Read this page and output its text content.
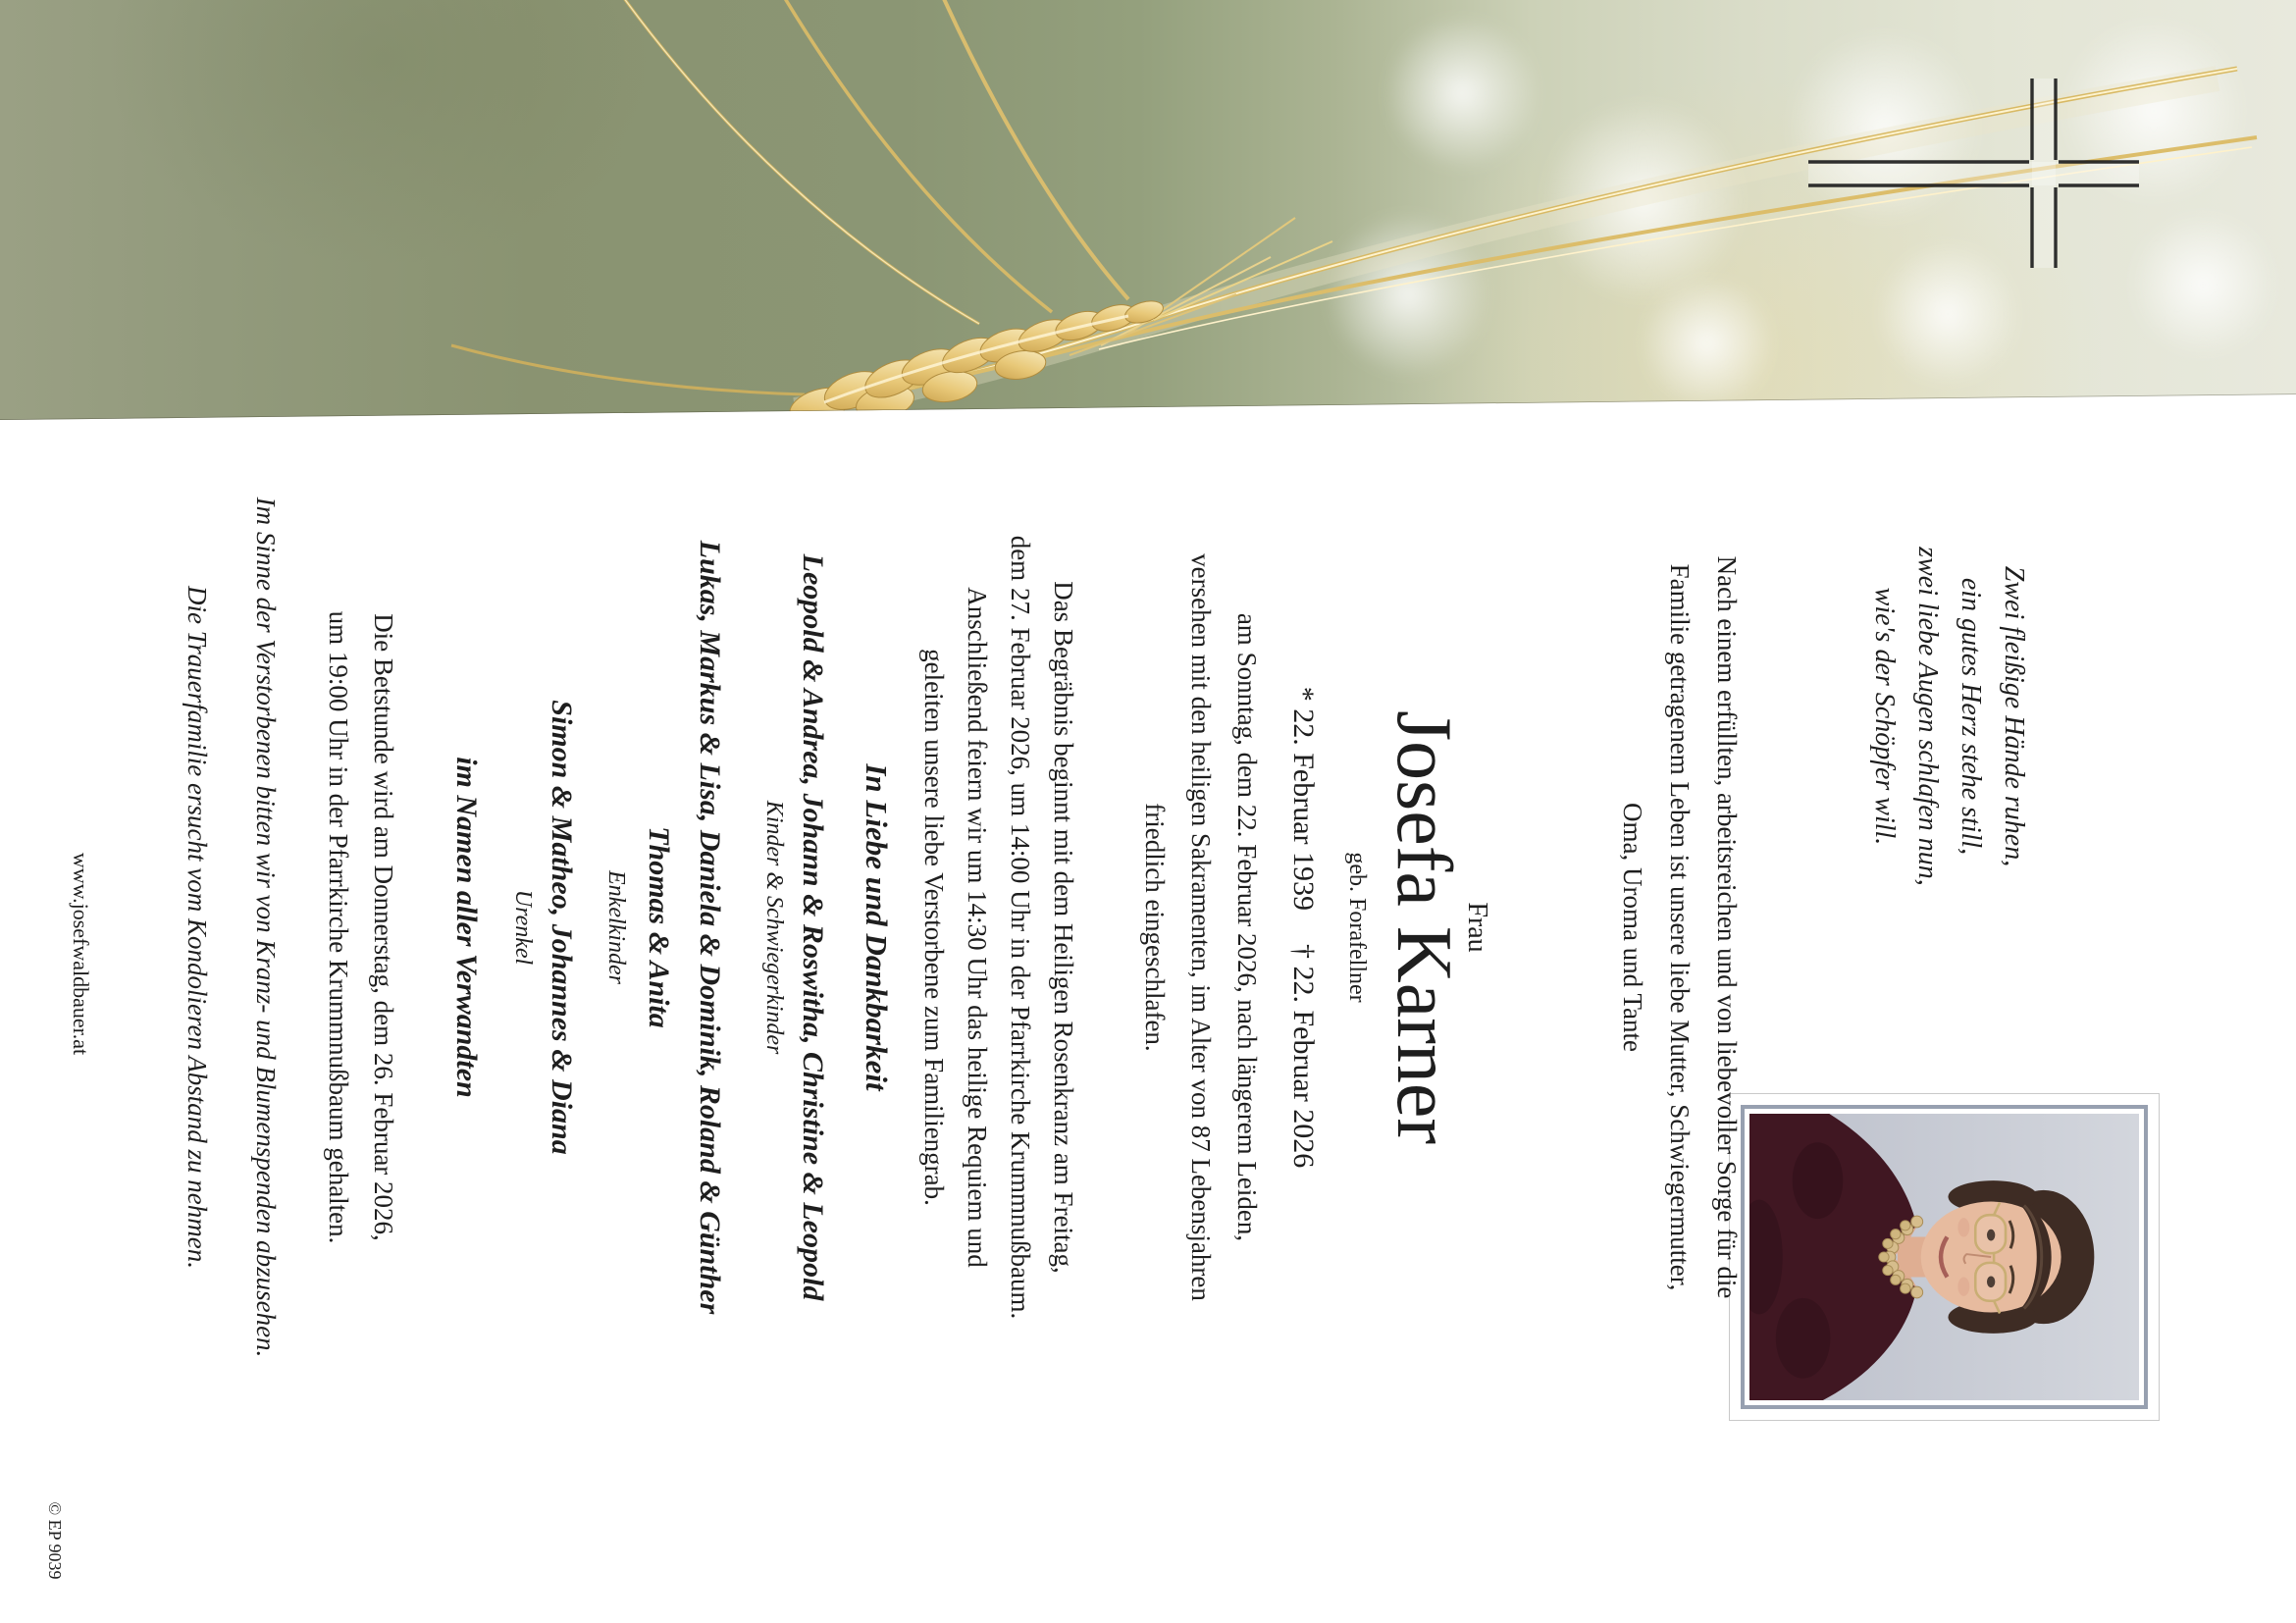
Zwei fleißige Hände ruhen,
ein gutes Herz stehe still,
zwei liebe Augen schlafen nun,
wie's der Schöpfer will.
Nach einem erfüllten, arbeitsreichen und von liebevoller Sorge für die
Familie getragenem Leben ist unsere liebe Mutter, Schwiegermutter,
Oma, Uroma und Tante
Frau
Josefa Karner
geb. Forafellner
* 22. Februar 1939† 22. Februar 2026
am Sonntag, dem 22. Februar 2026, nach längerem Leiden,
versehen mit den heiligen Sakramenten, im Alter von 87 Lebensjahren
friedlich eingeschlafen.
Das Begräbnis beginnt mit dem Heiligen Rosenkranz am Freitag,
dem 27. Februar 2026, um 14:00 Uhr in der Pfarrkirche Krummnußbaum.
Anschließend feiern wir um 14:30 Uhr das heilige Requiem und
geleiten unsere liebe Verstorbene zum Familiengrab.
In Liebe und Dankbarkeit
Leopold & Andrea, Johann & Roswitha, Christine & Leopold
Kinder & Schwiegerkinder
Lukas, Markus & Lisa, Daniela & Dominik, Roland & Günther
Thomas & Anita
Enkelkinder
Simon & Matheo, Johannes & Diana
Urenkel
im Namen aller Verwandten
Die Betstunde wird am Donnerstag, dem 26. Februar 2026,
um 19:00 Uhr in der Pfarrkirche Krummnußbaum gehalten.
Im Sinne der Verstorbenen bitten wir von Kranz- und Blumenspenden abzusehen.
Die Trauerfamilie ersucht vom Kondolieren Abstand zu nehmen.
www.josefwaldbauer.at
© EP 9039
